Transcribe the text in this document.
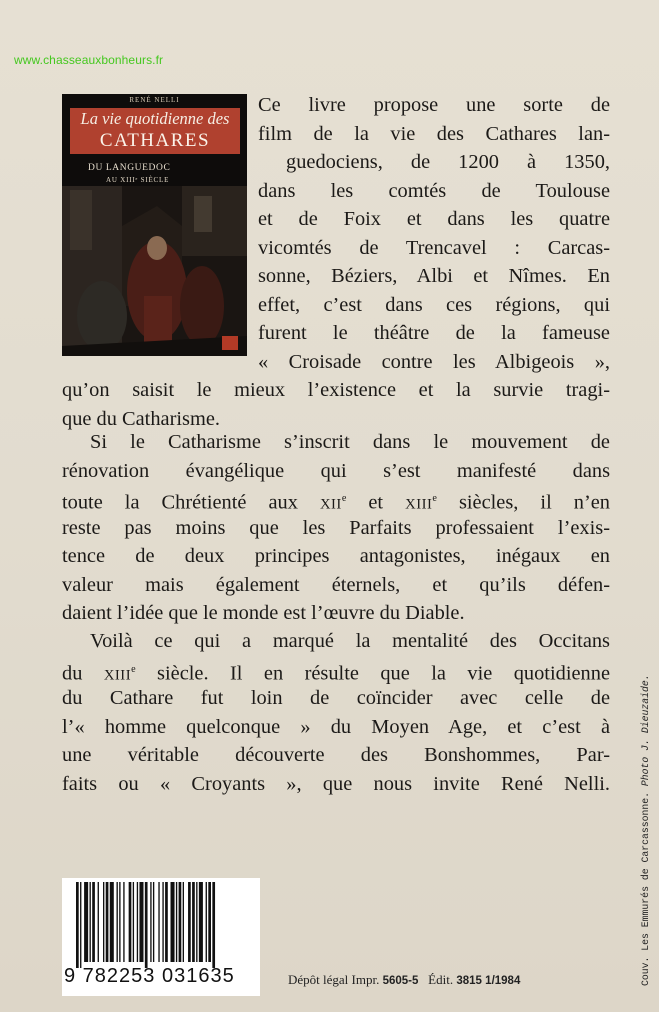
www.chasseauxbonheurs.fr
RENÉ NELLI
La vie quotidienne des
CATHARES
DU LANGUEDOC
AU XIIIᵉ SIÈCLE
Ce livre propose une sorte de
film de la vie des Cathares lan-
guedociens, de 1200 à 1350,
dans les comtés de Toulouse
et de Foix et dans les quatre
vicomtés de Trencavel : Carcas-
sonne, Béziers, Albi et Nîmes. En
effet, c’est dans ces régions, qui
furent le théâtre de la fameuse
« Croisade contre les Albigeois »,
qu’on saisit le mieux l’existence et la survie tragi-
que du Catharisme.
Si le Catharisme s’inscrit dans le mouvement de
rénovation évangélique qui s’est manifesté dans
toute la Chrétienté aux XIIe et XIIIe siècles, il n’en
reste pas moins que les Parfaits professaient l’exis-
tence de deux principes antagonistes, inégaux en
valeur mais également éternels, et qu’ils défen-
daient l’idée que le monde est l’œuvre du Diable.
Voilà ce qui a marqué la mentalité des Occitans
du XIIIe siècle. Il en résulte que la vie quotidienne
du Cathare fut loin de coïncider avec celle de
l’« homme quelconque » du Moyen Age, et c’est à
une véritable découverte des Bonshommes, Par-
faits ou « Croyants », que nous invite René Nelli.
Couv. Les Emmurés de Carcassonne. Photo J. Dieuzaide.
9 782253 031635	Dépôt légal Impr. 5605-5 Édit. 3815 1/1984
